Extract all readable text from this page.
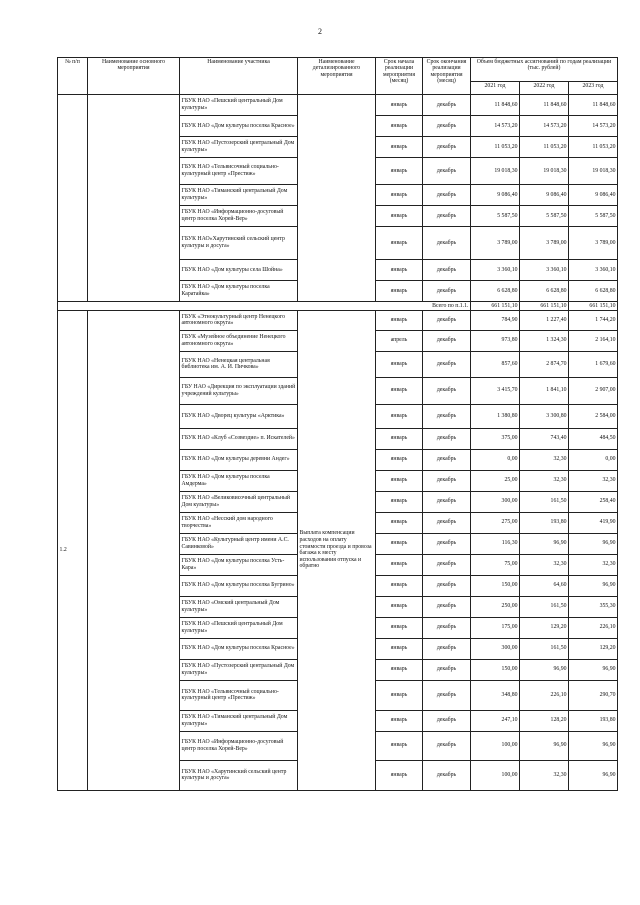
2
№ п/п	Наименование основного мероприятия	Наименование участника	Наименование детализированного мероприятия	Срок начала реализации мероприятия (месяц)	Срок окончания реализации мероприятия (месяц)	Объем бюджетных ассигнований по годам реализации (тыс. рублей)		
						2021 год	2022 год	2023 год
		ГБУК НАО «Пешский центральный Дом культуры»		январь	декабрь	11 848,60	11 848,60	11 848,60
		ГБУК НАО «Дом культуры поселка Красное»		январь	декабрь	14 573,20	14 573,20	14 573,20
		ГБУК НАО «Пустозерский центральный Дом культуры»		январь	декабрь	11 053,20	11 053,20	11 053,20
		ГБУК НАО «Тельвисочный социально-культурный центр «Престиж»		январь	декабрь	19 018,30	19 018,30	19 018,30
		ГБУК НАО «Тиманский центральный Дом культуры»		январь	декабрь	9 086,40	9 086,40	9 086,40
		ГБУК НАО «Информационно-досуговый центр поселка Хорей-Вер»		январь	декабрь	5 587,50	5 587,50	5 587,50
		ГБУК НАО«Харутинский сельский центр культуры и досуга»		январь	декабрь	3 789,00	3 789,00	3 789,00
		ГБУК НАО «Дом культуры села Шойна»		январь	декабрь	3 360,10	3 360,10	3 360,10
		ГБУК НАО «Дом культуры поселка Каратайка»		январь	декабрь	6 628,80	6 628,80	6 628,80
Всего по п.1.1.						661 151,10	661 151,10	661 151,10
1.2		ГБУК «Этнокультурный центр Ненецкого автономного округа»	Выплата компенсации расходов на оплату стоимости проезда и провоза багажа к месту использования отпуска и обратно	январь	декабрь	784,90	1 227,40	1 744,20
		ГБУК «Музейное объединение Ненецкого автономного округа»		апрель	декабрь	973,80	1 324,30	2 164,10
		ГБУК НАО «Ненецкая центральная библиотека им. А. И. Пичкова»		январь	декабрь	857,60	2 874,70	1 679,60
		ГБУ НАО «Дирекция по эксплуатации зданий учреждений культуры»		январь	декабрь	3 415,70	1 841,10	2 907,00
		ГБУК НАО «Дворец культуры «Арктика»		январь	декабрь	1 380,80	3 300,80	2 584,00
		ГБУК НАО «Клуб «Созвездие» п. Искателей»		январь	декабрь	375,00	743,40	484,50
		ГБУК НАО «Дом культуры деревни Андег»		январь	декабрь	0,00	32,30	0,00
		ГБУК НАО «Дом культуры поселка Амдерма»		январь	декабрь	25,00	32,30	32,30
		ГБУК НАО «Великовисочный центральный Дом культуры»		январь	декабрь	300,00	161,50	258,40
		ГБУК НАО «Несский дом народного творчества»		январь	декабрь	275,00	193,80	419,90
		ГБУК НАО «Культурный центр имени А.С. Савинковой»		январь	декабрь	116,30	96,90	96,90
		ГБУК НАО «Дом культуры поселка Усть-Кара»		январь	декабрь	75,00	32,30	32,30
		ГБУК НАО «Дом культуры поселка Бугрино»		январь	декабрь	150,00	64,60	96,90
		ГБУК НАО «Омский центральный Дом культуры»		январь	декабрь	250,00	161,50	355,30
		ГБУК НАО «Пешский центральный Дом культуры»		январь	декабрь	175,00	129,20	226,10
		ГБУК НАО «Дом культуры поселка Красное»		январь	декабрь	300,00	161,50	129,20
		ГБУК НАО «Пустозерский центральный Дом культуры»		январь	декабрь	150,00	96,90	96,90
		ГБУК НАО «Тельвисочный социально-культурный центр «Престиж»		январь	декабрь	348,80	226,10	290,70
		ГБУК НАО «Тиманский центральный Дом культуры»		январь	декабрь	247,10	128,20	193,80
		ГБУК НАО «Информационно-досуговый центр поселка Хорей-Вер»		январь	декабрь	100,00	96,90	96,90
		ГБУК НАО «Харутинский сельский центр культуры и досуга»		январь	декабрь	100,00	32,30	96,90
